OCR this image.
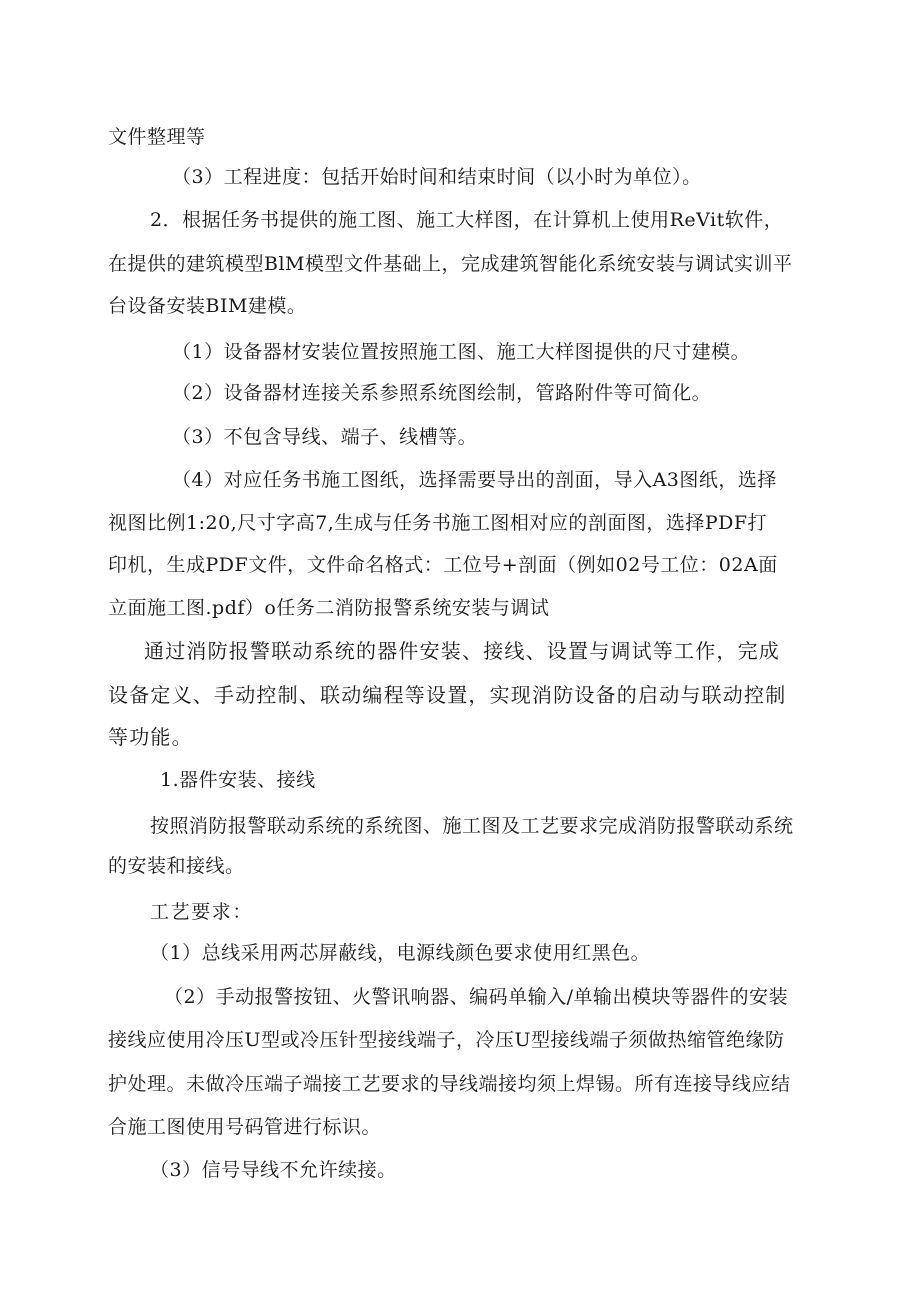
文件整理等
（3）工程进度：包括开始时间和结束时间（以小时为单位）。
2．根据任务书提供的施工图、施工大样图，在计算机上使用ReVit软件，
在提供的建筑模型BlM模型文件基础上，完成建筑智能化系统安装与调试实训平
台设备安装BIM建模。
（1）设备器材安装位置按照施工图、施工大样图提供的尺寸建模。
（2）设备器材连接关系参照系统图绘制，管路附件等可简化。
（3）不包含导线、端子、线槽等。
（4）对应任务书施工图纸，选择需要导出的剖面，导入A3图纸，选择
视图比例1:20,尺寸字高7,生成与任务书施工图相对应的剖面图，选择PDF打
印机，生成PDF文件，文件命名格式：工位号+剖面（例如02号工位：02A面
立面施工图.pdf）o任务二消防报警系统安装与调试
通过消防报警联动系统的器件安装、接线、设置与调试等工作，完成
设备定义、手动控制、联动编程等设置，实现消防设备的启动与联动控制
等功能。
1.器件安装、接线
按照消防报警联动系统的系统图、施工图及工艺要求完成消防报警联动系统
的安装和接线。
工艺要求：
（1）总线采用两芯屏蔽线，电源线颜色要求使用红黑色。
（2）手动报警按钮、火警讯响器、编码单输入/单输出模块等器件的安装
接线应使用冷压U型或冷压针型接线端子，冷压U型接线端子须做热缩管绝缘防
护处理。未做冷压端子端接工艺要求的导线端接均须上焊锡。所有连接导线应结
合施工图使用号码管进行标识。
（3）信号导线不允许续接。
